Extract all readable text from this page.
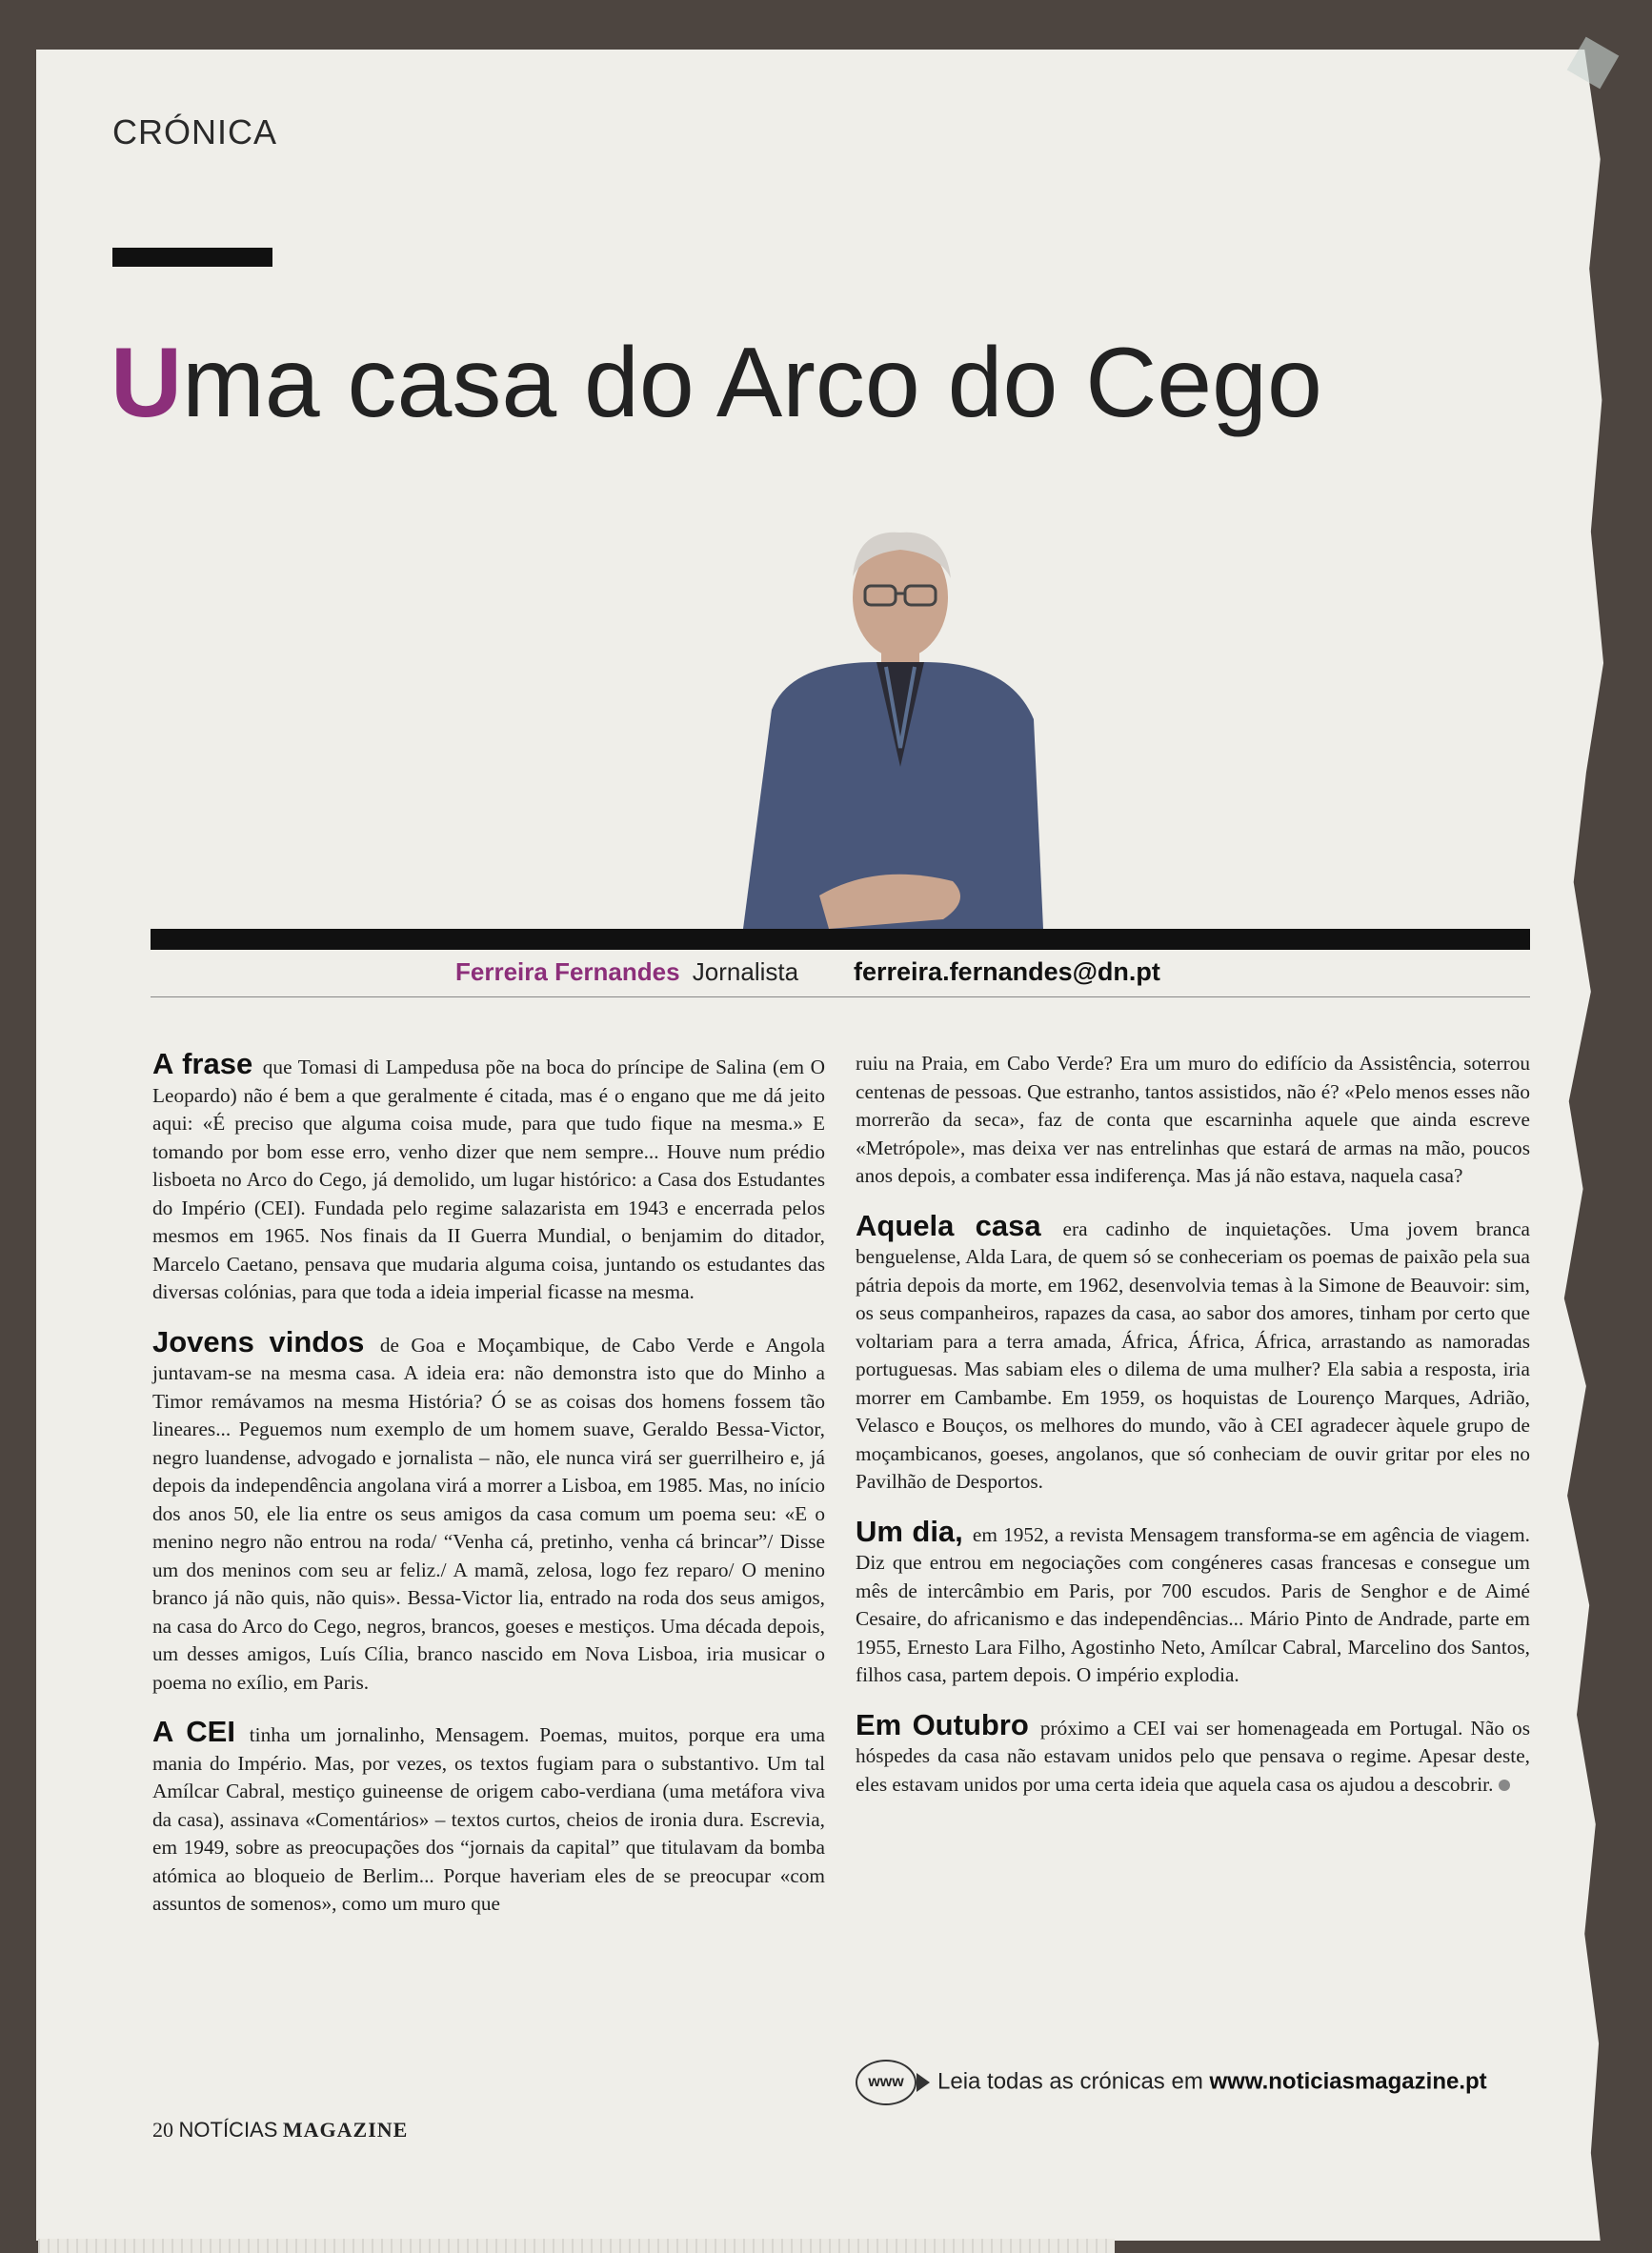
CRÓNICA
Uma casa do Arco do Cego
Ferreira Fernandes Jornalista ferreira.fernandes@dn.pt

A frase que Tomasi di Lampedusa põe na boca do príncipe de Salina (em O Leopardo) não é bem a que geralmente é citada, mas é o engano que me dá jeito aqui: «É preciso que alguma coisa mude, para que tudo fique na mesma.» E tomando por bom esse erro, venho dizer que nem sempre... Houve num prédio lisboeta no Arco do Cego, já demolido, um lugar histórico: a Casa dos Estudantes do Império (CEI). Fundada pelo regime salazarista em 1943 e encerrada pelos mesmos em 1965. Nos finais da II Guerra Mundial, o benjamim do ditador, Marcelo Caetano, pensava que mudaria alguma coisa, juntando os estudantes das diversas colónias, para que toda a ideia imperial ficasse na mesma.

Jovens vindos de Goa e Moçambique, de Cabo Verde e Angola juntavam-se na mesma casa. A ideia era: não demonstra isto que do Minho a Timor remávamos na mesma História? Ó se as coisas dos homens fossem tão lineares... Peguemos num exemplo de um homem suave, Geraldo Bessa-Victor, negro luandense, advogado e jornalista – não, ele nunca virá ser guerrilheiro e, já depois da independência angolana virá a morrer a Lisboa, em 1985. Mas, no início dos anos 50, ele lia entre os seus amigos da casa comum um poema seu: «E o menino negro não entrou na roda/ “Venha cá, pretinho, venha cá brincar”/ Disse um dos meninos com seu ar feliz./ A mamã, zelosa, logo fez reparo/ O menino branco já não quis, não quis». Bessa-Victor lia, entrado na roda dos seus amigos, na casa do Arco do Cego, negros, brancos, goeses e mestiços. Uma década depois, um desses amigos, Luís Cília, branco nascido em Nova Lisboa, iria musicar o poema no exílio, em Paris.

A CEI tinha um jornalinho, Mensagem. Poemas, muitos, porque era uma mania do Império. Mas, por vezes, os textos fugiam para o substantivo. Um tal Amílcar Cabral, mestiço guineense de origem cabo-verdiana (uma metáfora viva da casa), assinava «Comentários» – textos curtos, cheios de ironia dura. Escrevia, em 1949, sobre as preocupações dos “jornais da capital” que titulavam da bomba atómica ao bloqueio de Berlim... Porque haveriam eles de se preocupar «com assuntos de somenos», como um muro que

ruiu na Praia, em Cabo Verde? Era um muro do edifício da Assistência, soterrou centenas de pessoas. Que estranho, tantos assistidos, não é? «Pelo menos esses não morrerão da seca», faz de conta que escarninha aquele que ainda escreve «Metrópole», mas deixa ver nas entrelinhas que estará de armas na mão, poucos anos depois, a combater essa indiferença. Mas já não estava, naquela casa?

Aquela casa era cadinho de inquietações. Uma jovem branca benguelense, Alda Lara, de quem só se conheceriam os poemas de paixão pela sua pátria depois da morte, em 1962, desenvolvia temas à la Simone de Beauvoir: sim, os seus companheiros, rapazes da casa, ao sabor dos amores, tinham por certo que voltariam para a terra amada, África, África, África, arrastando as namoradas portuguesas. Mas sabiam eles o dilema de uma mulher? Ela sabia a resposta, iria morrer em Cambambe. Em 1959, os hoquistas de Lourenço Marques, Adrião, Velasco e Bouços, os melhores do mundo, vão à CEI agradecer àquele grupo de moçambicanos, goeses, angolanos, que só conheciam de ouvir gritar por eles no Pavilhão de Desportos.

Um dia, em 1952, a revista Mensagem transforma-se em agência de viagem. Diz que entrou em negociações com congéneres casas francesas e consegue um mês de intercâmbio em Paris, por 700 escudos. Paris de Senghor e de Aimé Cesaire, do africanismo e das independências... Mário Pinto de Andrade, parte em 1955, Ernesto Lara Filho, Agostinho Neto, Amílcar Cabral, Marcelino dos Santos, filhos casa, partem depois. O império explodia.

Em Outubro próximo a CEI vai ser homenageada em Portugal. Não os hóspedes da casa não estavam unidos pelo que pensava o regime. Apesar deste, eles estavam unidos por uma certa ideia que aquela casa os ajudou a descobrir.

www Leia todas as crónicas em www.noticiasmagazine.pt
20 NOTÍCIAS MAGAZINE
